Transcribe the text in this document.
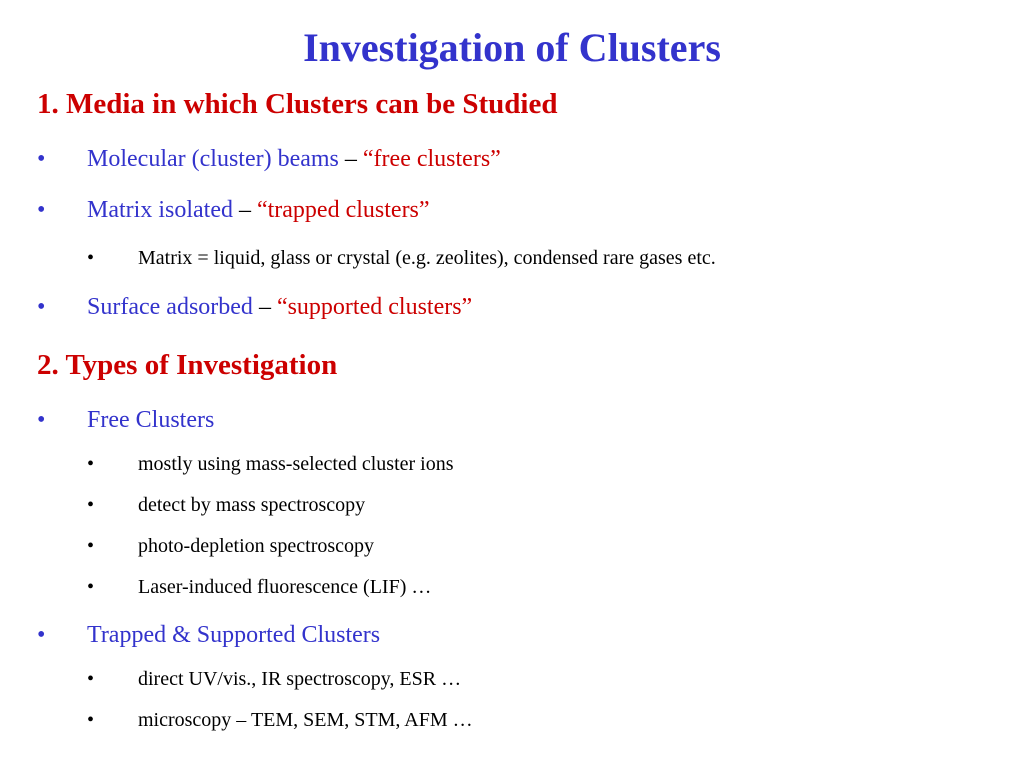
Investigation of Clusters
1. Media in which Clusters can be Studied
• Molecular (cluster) beams – “free clusters”
• Matrix isolated – “trapped clusters”
• Matrix = liquid, glass or crystal (e.g. zeolites), condensed rare gases etc.
• Surface adsorbed – “supported clusters”
2. Types of Investigation
• Free Clusters
• mostly using mass-selected cluster ions
• detect by mass spectroscopy
• photo-depletion spectroscopy
• Laser-induced fluorescence (LIF) …
• Trapped & Supported Clusters
• direct UV/vis., IR spectroscopy, ESR …
• microscopy – TEM, SEM, STM, AFM …
